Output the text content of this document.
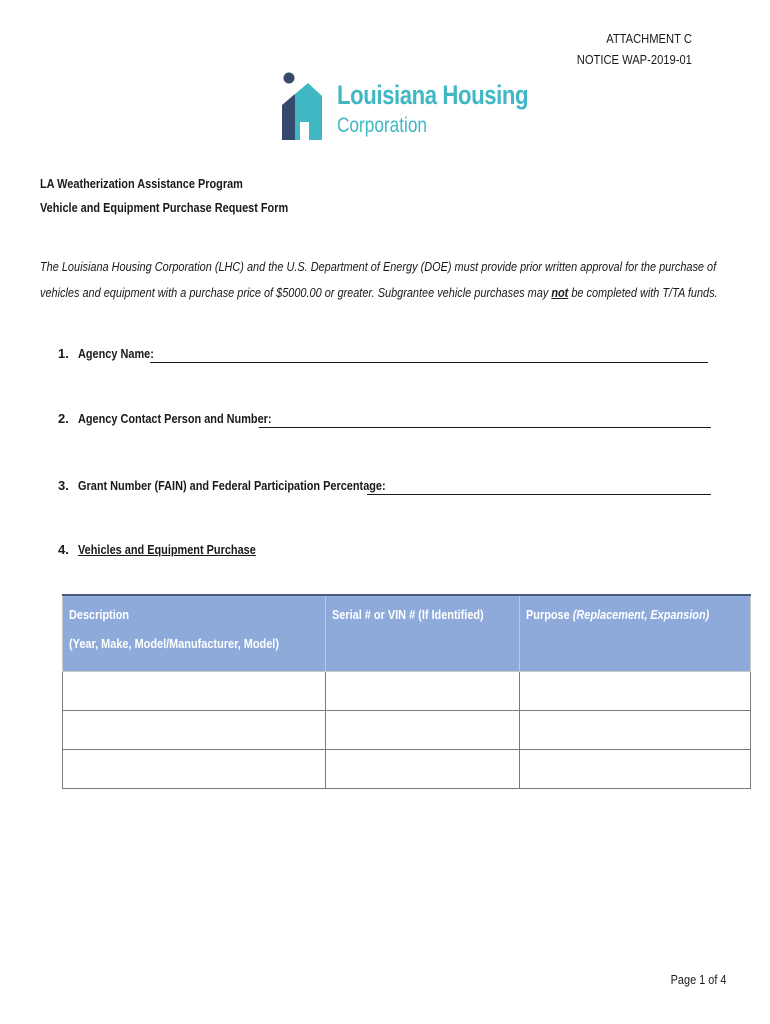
ATTACHMENT C
NOTICE WAP-2019-01
Louisiana Housing
Corporation
LA Weatherization Assistance Program
Vehicle and Equipment Purchase Request Form
The Louisiana Housing Corporation (LHC) and the U.S. Department of Energy (DOE) must provide prior written approval for the purchase of vehicles and equipment with a purchase price of $5000.00 or greater. Subgrantee vehicle purchases may not be completed with T/TA funds.
1. Agency Name:
2. Agency Contact Person and Number:
3. Grant Number (FAIN) and Federal Participation Percentage:
4. Vehicles and Equipment Purchase
Description
(Year, Make, Model/Manufacturer, Model)	Serial # or VIN # (If Identified)	Purpose (Replacement, Expansion)

Page 1 of 4
